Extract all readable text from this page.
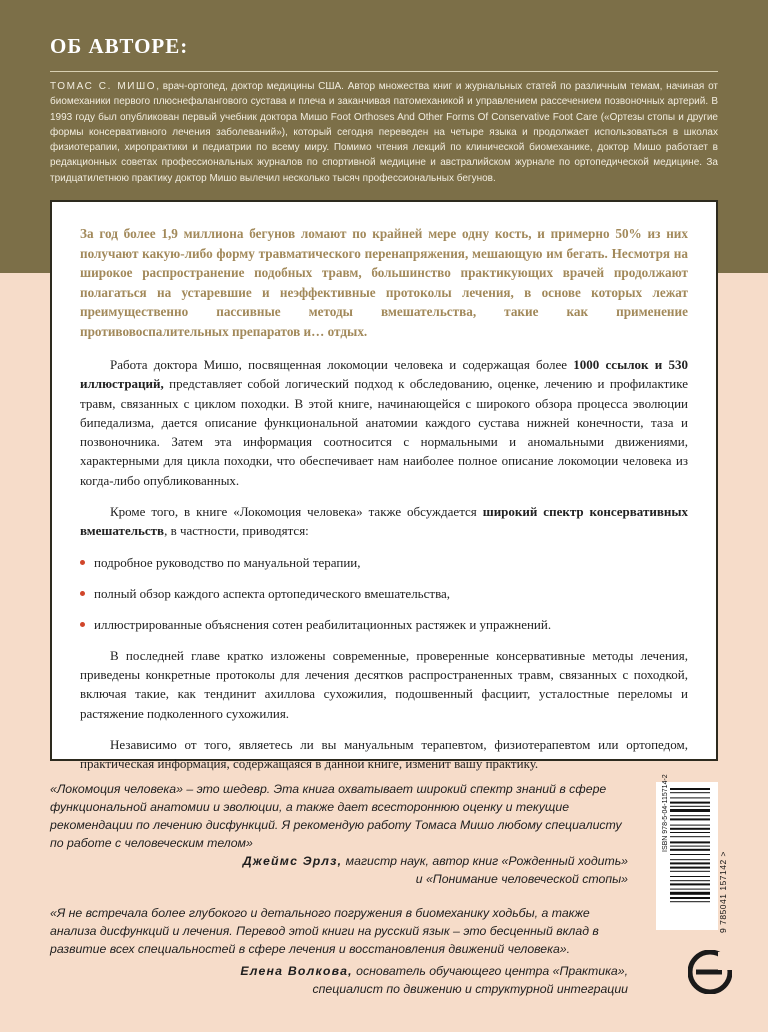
ОБ АВТОРЕ:

ТОМАС С. МИШО, врач-ортопед, доктор медицины США. Автор множества книг и журнальных статей по различным темам, начиная от биомеханики первого плюснефалангового сустава и плеча и заканчивая патомеханикой и управлением рассечением позвоночных артерий. В 1993 году был опубликован первый учебник доктора Мишо Foot Orthoses And Other Forms Of Conservative Foot Care («Ортезы стопы и другие формы консервативного лечения заболеваний»), который сегодня переведен на четыре языка и продолжает использоваться в школах физиотерапии, хиропрактики и педиатрии по всему миру. Помимо чтения лекций по клинической биомеханике, доктор Мишо работает в редакционных советах профессиональных журналов по спортивной медицине и австралийском журнале по ортопедической медицине. За тридцатилетнюю практику доктор Мишо вылечил несколько тысяч профессиональных бегунов.

За год более 1,9 миллиона бегунов ломают по крайней мере одну кость, и примерно 50% из них получают какую-либо форму травматического перенапряжения, мешающую им бегать. Несмотря на широкое распространение подобных травм, большинство практикующих врачей продолжают полагаться на устаревшие и неэффективные протоколы лечения, в основе которых лежат преимущественно пассивные методы вмешательства, такие как применение противовоспалительных препаратов и… отдых.

Работа доктора Мишо, посвященная локомоции человека и содержащая более 1000 ссылок и 530 иллюстраций, представляет собой логический подход к обследованию, оценке, лечению и профилактике травм, связанных с циклом походки. В этой книге, начинающейся с широкого обзора процесса эволюции бипедализма, дается описание функциональной анатомии каждого сустава нижней конечности, таза и позвоночника. Затем эта информация соотносится с нормальными и аномальными движениями, характерными для цикла походки, что обеспечивает нам наиболее полное описание локомоции человека из когда-либо опубликованных.

Кроме того, в книге «Локомоция человека» также обсуждается широкий спектр консервативных вмешательств, в частности, приводятся:

подробное руководство по мануальной терапии,
полный обзор каждого аспекта ортопедического вмешательства,
иллюстрированные объяснения сотен реабилитационных растяжек и упражнений.

В последней главе кратко изложены современные, проверенные консервативные методы лечения, приведены конкретные протоколы для лечения десятков распространенных травм, связанных с походкой, включая такие, как тендинит ахиллова сухожилия, подошвенный фасциит, усталостные переломы и растяжение подколенного сухожилия.

Независимо от того, являетесь ли вы мануальным терапевтом, физиотерапевтом или ортопедом, практическая информация, содержащаяся в данной книге, изменит вашу практику.

«Локомоция человека» – это шедевр. Эта книга охватывает широкий спектр знаний в сфере функциональной анатомии и эволюции, а также дает всестороннюю оценку и текущие рекомендации по лечению дисфункций. Я рекомендую работу Томаса Мишо любому специалисту по работе с человеческим телом»

Джеймс Эрлз, магистр наук, автор книг «Рожденный ходить»
и «Понимание человеческой стопы»

«Я не встречала более глубокого и детального погружения в биомеханику ходьбы, а также анализа дисфункций и лечения. Перевод этой книги на русский язык – это бесценный вклад в развитие всех специальностей в сфере лечения и восстановления движений человека».

Елена Волкова, основатель обучающего центра «Практика»,
специалист по движению и структурной интеграции

ISBN 978-5-04-115714-2
9 785041 157142 >
